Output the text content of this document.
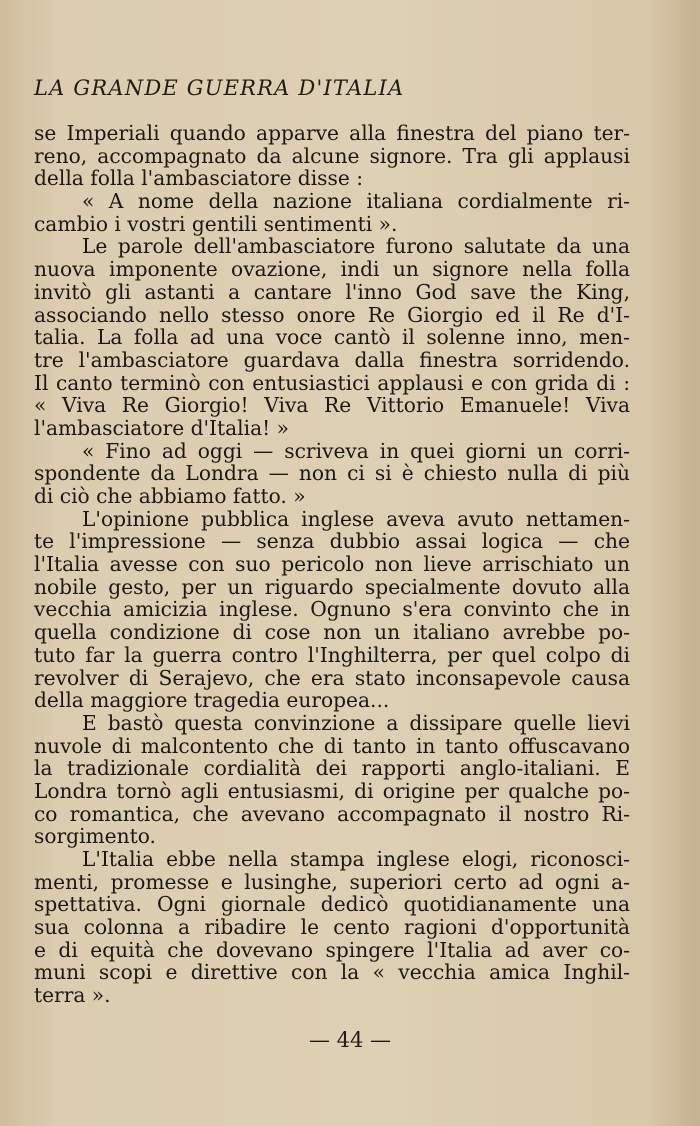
LA GRANDE GUERRA D'ITALIA
se Imperiali quando apparve alla finestra del piano ter-
reno, accompagnato da alcune signore. Tra gli applausi
della folla l'ambasciatore disse :
« A nome della nazione italiana cordialmente ri-
cambio i vostri gentili sentimenti ».
Le parole dell'ambasciatore furono salutate da una
nuova imponente ovazione, indi un signore nella folla
invitò gli astanti a cantare l'inno God save the King,
associando nello stesso onore Re Giorgio ed il Re d'I-
talia. La folla ad una voce cantò il solenne inno, men-
tre l'ambasciatore guardava dalla finestra sorridendo.
Il canto terminò con entusiastici applausi e con grida di :
« Viva Re Giorgio! Viva Re Vittorio Emanuele! Viva
l'ambasciatore d'Italia! »
« Fino ad oggi — scriveva in quei giorni un corri-
spondente da Londra — non ci si è chiesto nulla di più
di ciò che abbiamo fatto. »
L'opinione pubblica inglese aveva avuto nettamen-
te l'impressione — senza dubbio assai logica — che
l'Italia avesse con suo pericolo non lieve arrischiato un
nobile gesto, per un riguardo specialmente dovuto alla
vecchia amicizia inglese. Ognuno s'era convinto che in
quella condizione di cose non un italiano avrebbe po-
tuto far la guerra contro l'Inghilterra, per quel colpo di
revolver di Serajevo, che era stato inconsapevole causa
della maggiore tragedia europea...
E bastò questa convinzione a dissipare quelle lievi
nuvole di malcontento che di tanto in tanto offuscavano
la tradizionale cordialità dei rapporti anglo-italiani. E
Londra tornò agli entusiasmi, di origine per qualche po-
co romantica, che avevano accompagnato il nostro Ri-
sorgimento.
L'Italia ebbe nella stampa inglese elogi, riconosci-
menti, promesse e lusinghe, superiori certo ad ogni a-
spettativa. Ogni giornale dedicò quotidianamente una
sua colonna a ribadire le cento ragioni d'opportunità
e di equità che dovevano spingere l'Italia ad aver co-
muni scopi e direttive con la « vecchia amica Inghil-
terra ».
— 44 —
